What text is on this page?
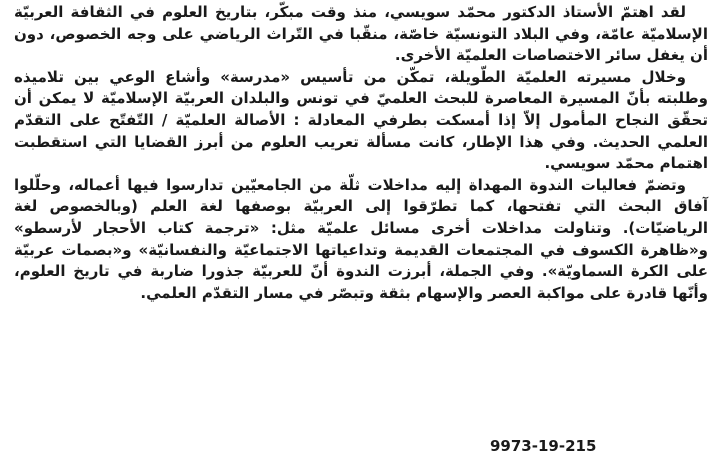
لقد اهتمّ الأستاذ الدكتور محمّد سويسي، منذ وقت مبكّر، بتاريخ العلوم في الثقافة العربيّة الإسلاميّة عامّة، وفي البلاد التونسيّة خاصّة، منقّبا في التّراث الرياضي على وجه الخصوص، دون أن يغفل سائر الاختصاصات العلميّة الأخرى.

وخلال مسيرته العلميّة الطّويلة، تمكّن من تأسيس «مدرسة» وأشاع الوعي بين تلاميذه وطلبته بأنّ المسيرة المعاصرة للبحث العلميّ في تونس والبلدان العربيّة الإسلاميّة لا يمكن أن تحقّق النجاح المأمول إلاّ إذا أمسكت بطرفي المعادلة : الأصالة العلميّة / التّفتّح على التقدّم العلمي الحديث. وفي هذا الإطار، كانت مسألة تعريب العلوم من أبرز القضايا التي استقطبت اهتمام محمّد سويسي.

وتضمّ فعاليات الندوة المهداة إليه مداخلات ثلّة من الجامعيّين تدارسوا فيها أعماله، وحلّلوا آفاق البحث التي تفتحها، كما تطرّقوا إلى العربيّة بوصفها لغة العلم (وبالخصوص لغة الرياضيّات). وتناولت مداخلات أخرى مسائل علميّة مثل: «ترجمة كتاب الأحجار لأرسطو» و«ظاهرة الكسوف في المجتمعات القديمة وتداعياتها الاجتماعيّة والنفسانيّة» و«بصمات عربيّة على الكرة السماويّة». وفي الجملة، أبرزت الندوة أنّ للعربيّة جذورا ضاربة في تاريخ العلوم، وأنّها قادرة على مواكبة العصر والإسهام بثقة وتبصّر في مسار التقدّم العلمي.

9973-19-215
